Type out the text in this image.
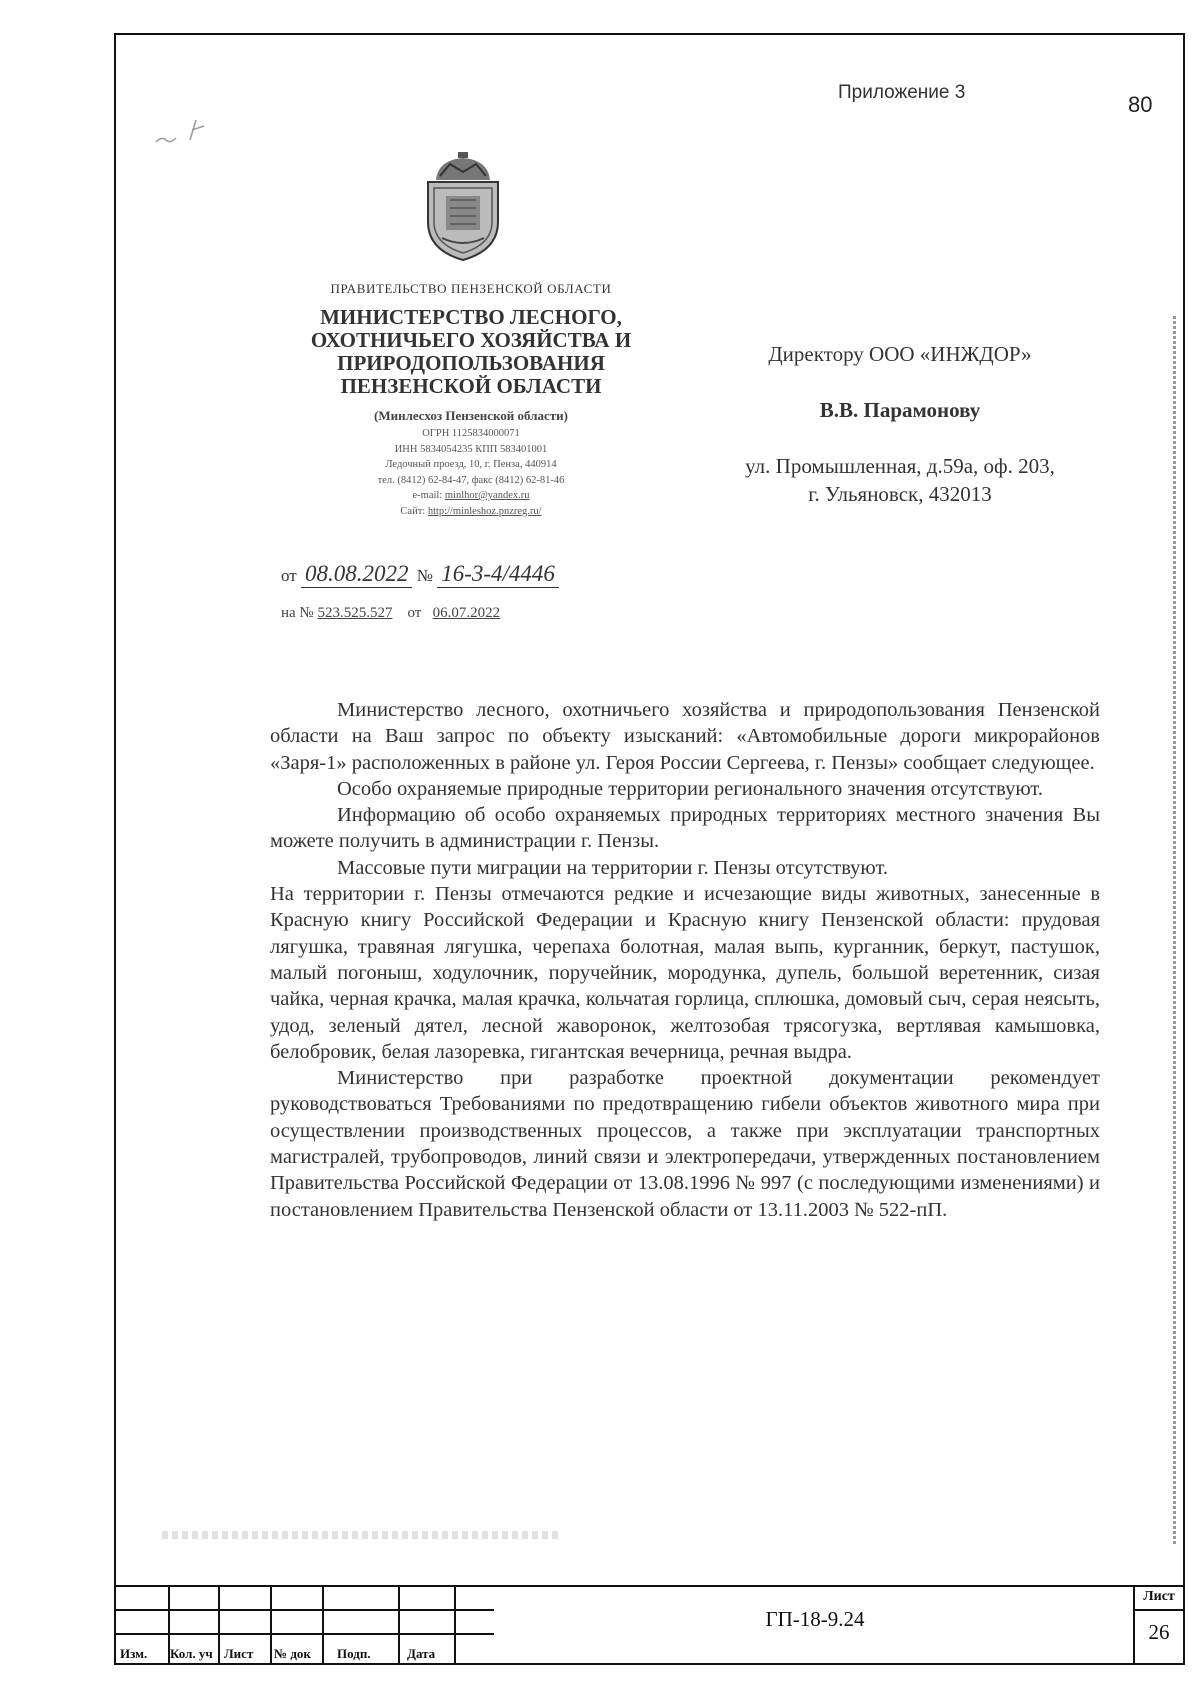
Приложение 3	80
ПРАВИТЕЛЬСТВО ПЕНЗЕНСКОЙ ОБЛАСТИ
МИНИСТЕРСТВО ЛЕСНОГО,
ОХОТНИЧЬЕГО ХОЗЯЙСТВА И
ПРИРОДОПОЛЬЗОВАНИЯ
ПЕНЗЕНСКОЙ ОБЛАСТИ
(Минлесхоз Пензенской области)
ОГРН 1125834000071
ИНН 5834054235 КПП 583401001
Ледочный проезд, 10, г. Пенза, 440914
тел. (8412) 62-84-47, факс (8412) 62-81-46
e-mail: minlhor@yandex.ru
Сайт: http://minleshoz.pnzreg.ru/
Директору ООО «ИНЖДОР»
В.В. Парамонову
ул. Промышленная, д.59а, оф. 203,
г. Ульяновск, 432013
от 08.08.2022 № 16-3-4/4446
на № 523.525.527 от 06.07.2022

Министерство лесного, охотничьего хозяйства и природопользования Пензенской области на Ваш запрос по объекту изысканий: «Автомобильные дороги микрорайонов «Заря-1» расположенных в районе ул. Героя России Сергеева, г. Пензы» сообщает следующее.

Особо охраняемые природные территории регионального значения отсутствуют.

Информацию об особо охраняемых природных территориях местного значения Вы можете получить в администрации г. Пензы.

Массовые пути миграции на территории г. Пензы отсутствуют.

На территории г. Пензы отмечаются редкие и исчезающие виды животных, занесенные в Красную книгу Российской Федерации и Красную книгу Пензенской области: прудовая лягушка, травяная лягушка, черепаха болотная, малая выпь, курганник, беркут, пастушок, малый погоныш, ходулочник, поручейник, мородунка, дупель, большой веретенник, сизая чайка, черная крачка, малая крачка, кольчатая горлица, сплюшка, домовый сыч, серая неясыть, удод, зеленый дятел, лесной жаворонок, желтозобая трясогузка, вертлявая камышовка, белобровик, белая лазоревка, гигантская вечерница, речная выдра.

Министерство при разработке проектной документации рекомендует руководствоваться Требованиями по предотвращению гибели объектов животного мира при осуществлении производственных процессов, а также при эксплуатации транспортных магистралей, трубопроводов, линий связи и электропередачи, утвержденных постановлением Правительства Российской Федерации от 13.08.1996 № 997 (с последующими изменениями) и постановлением Правительства Пензенской области от 13.11.2003 № 522-пП.

Изм. Кол. уч Лист № док Подп.	Дата
ГП-18-9.24
Лист
26
